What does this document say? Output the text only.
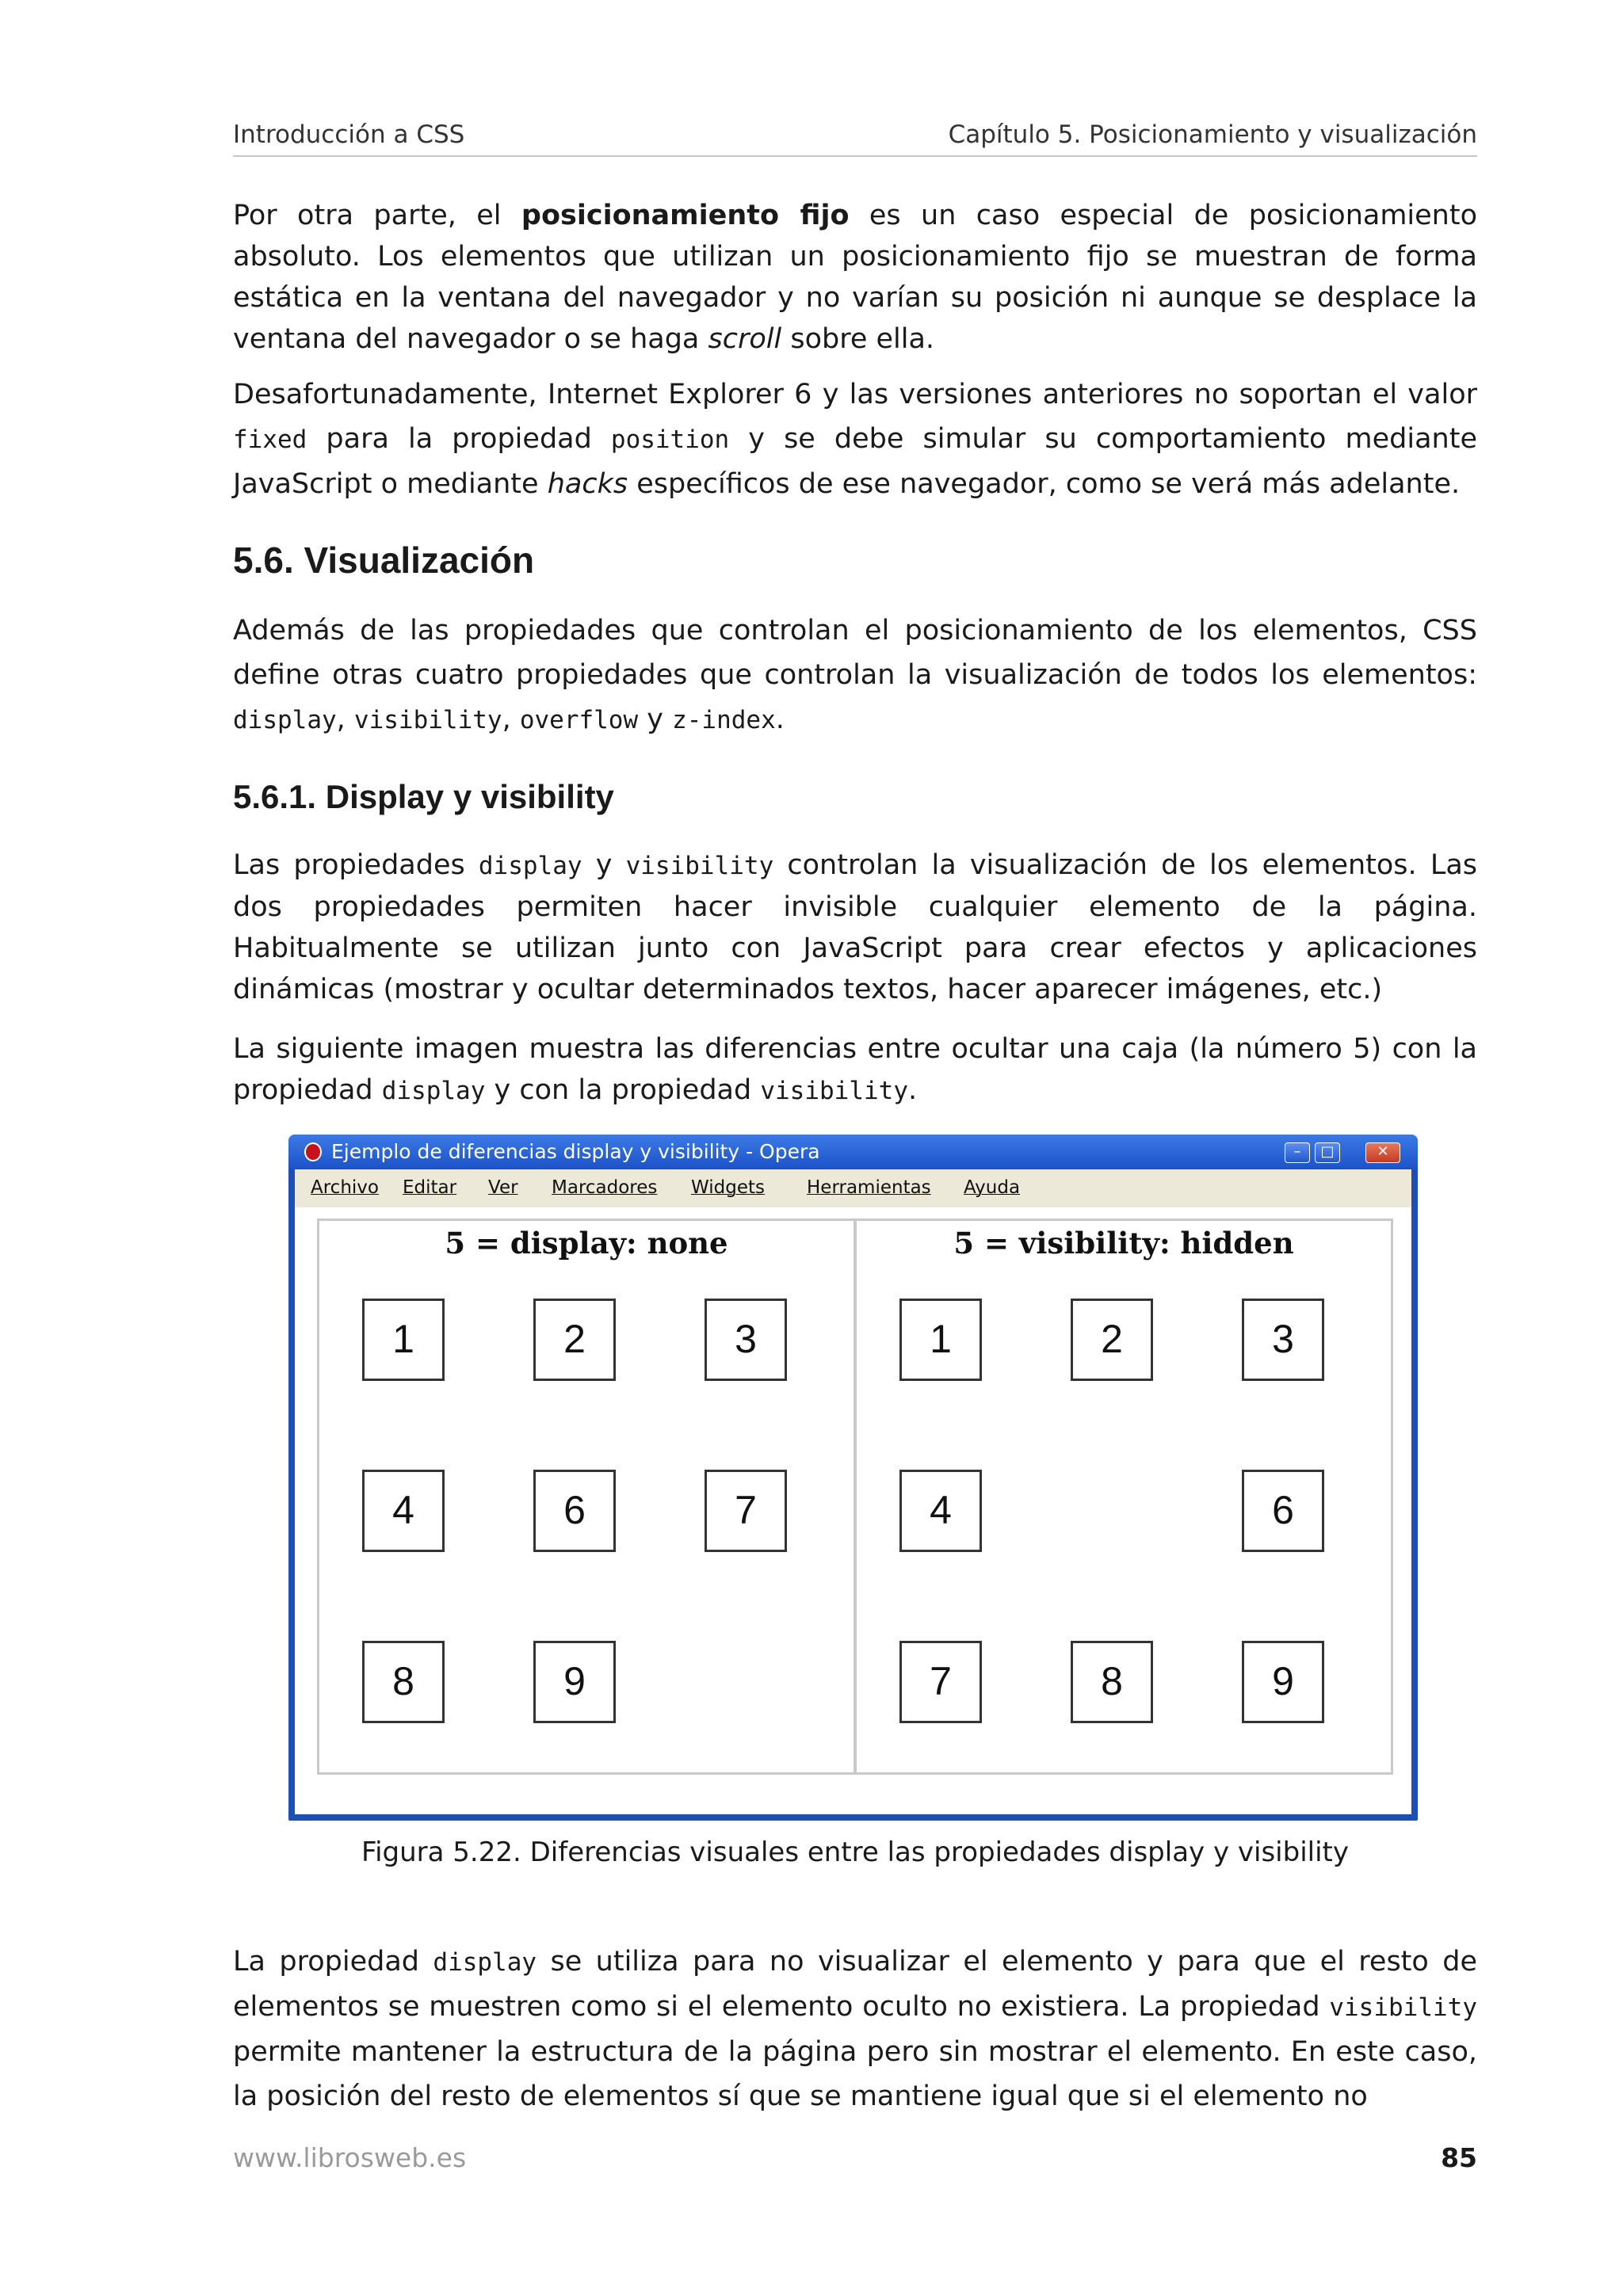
Introducción a CSS	Capítulo 5. Posicionamiento y visualización

Por otra parte, el posicionamiento fijo es un caso especial de posicionamiento absoluto. Los elementos que utilizan un posicionamiento fijo se muestran de forma estática en la ventana del navegador y no varían su posición ni aunque se desplace la ventana del navegador o se haga scroll sobre ella.

Desafortunadamente, Internet Explorer 6 y las versiones anteriores no soportan el valor fixed para la propiedad position y se debe simular su comportamiento mediante JavaScript o mediante hacks específicos de ese navegador, como se verá más adelante.

5.6. Visualización

Además de las propiedades que controlan el posicionamiento de los elementos, CSS define otras cuatro propiedades que controlan la visualización de todos los elementos: display, visibility, overflow y z-index.

5.6.1. Display y visibility

Las propiedades display y visibility controlan la visualización de los elementos. Las dos propiedades permiten hacer invisible cualquier elemento de la página. Habitualmente se utilizan junto con JavaScript para crear efectos y aplicaciones dinámicas (mostrar y ocultar determinados textos, hacer aparecer imágenes, etc.)

La siguiente imagen muestra las diferencias entre ocultar una caja (la número 5) con la propiedad display y con la propiedad visibility.

Ejemplo de diferencias display y visibility - Opera	–	□	✕
Archivo Editar Ver Marcadores Widgets Herramientas Ayuda
5 = display: none
1	2	3
4	6	7
8	9
5 = visibility: hidden
1	2	3
4	6
7	8	9
Figura 5.22. Diferencias visuales entre las propiedades display y visibility

La propiedad display se utiliza para no visualizar el elemento y para que el resto de elementos se muestren como si el elemento oculto no existiera. La propiedad visibility permite mantener la estructura de la página pero sin mostrar el elemento. En este caso, la posición del resto de elementos sí que se mantiene igual que si el elemento no

www.librosweb.es	85
